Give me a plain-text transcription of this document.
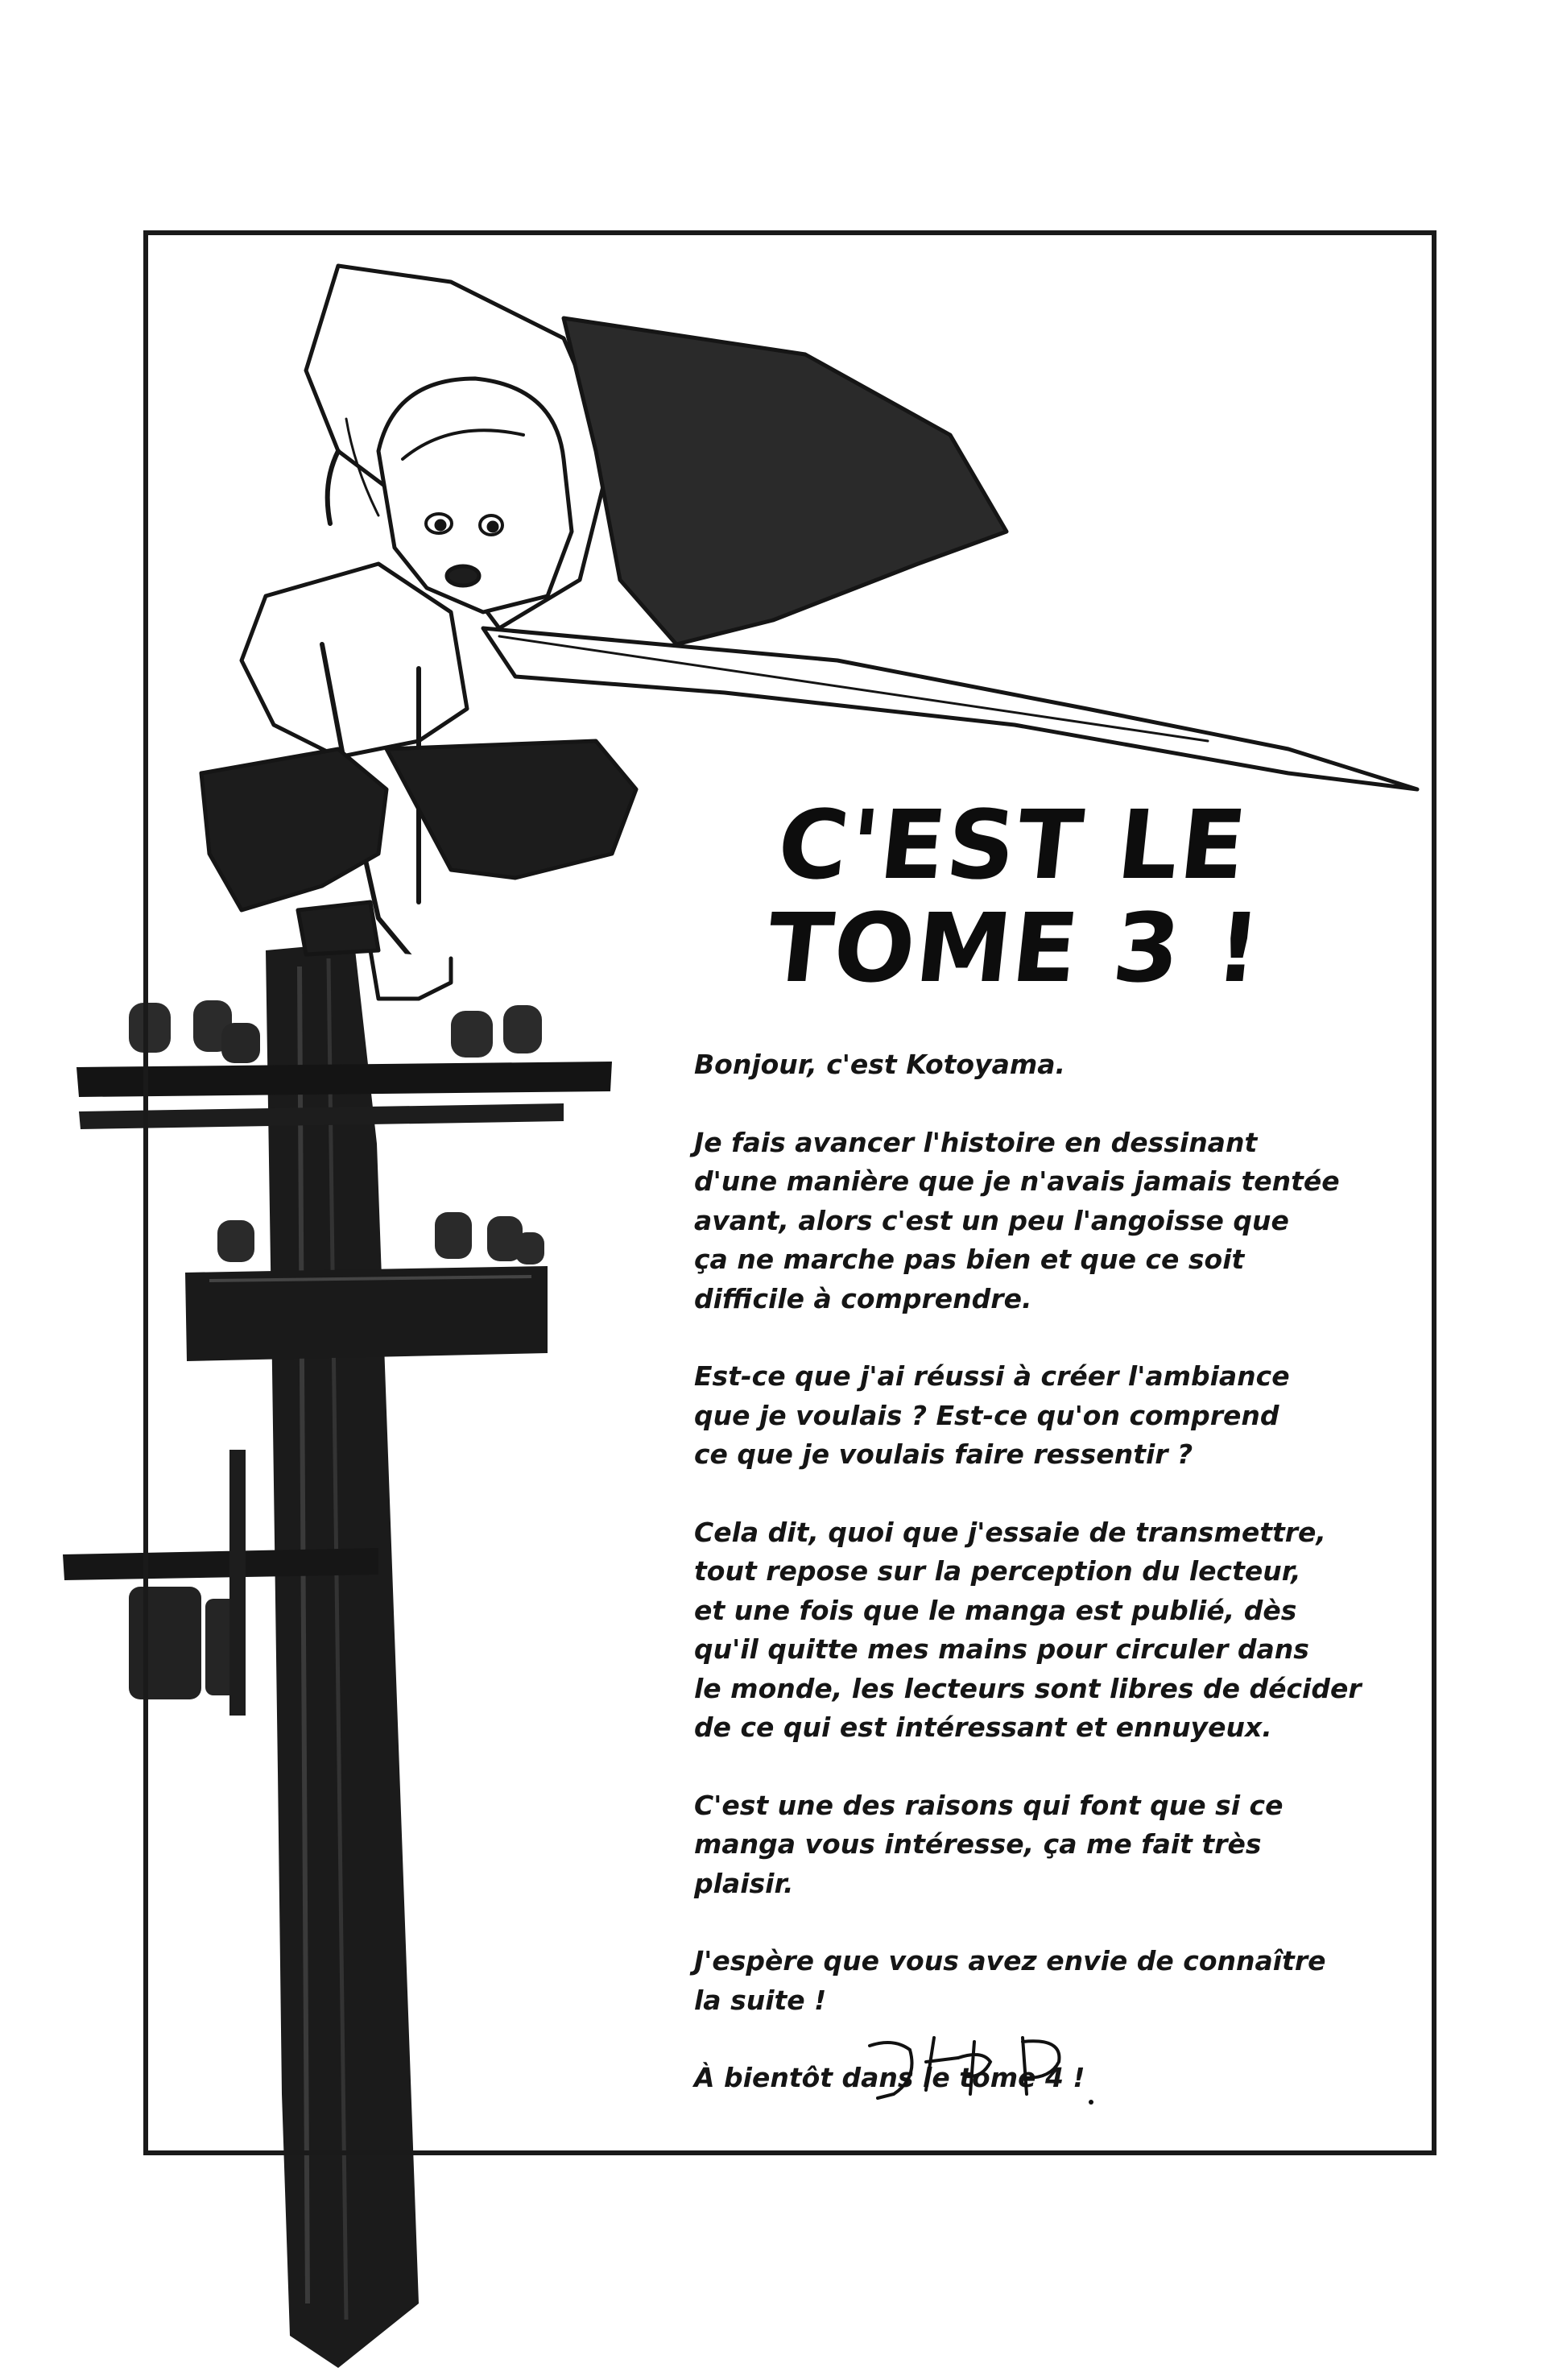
C'EST LE
TOME 3 !

Bonjour, c'est Kotoyama.

Je fais avancer l'histoire en dessinant
d'une manière que je n'avais jamais tentée
avant, alors c'est un peu l'angoisse que
ça ne marche pas bien et que ce soit
difficile à comprendre.

Est-ce que j'ai réussi à créer l'ambiance
que je voulais ? Est-ce qu'on comprend
ce que je voulais faire ressentir ?

Cela dit, quoi que j'essaie de transmettre,
tout repose sur la perception du lecteur,
et une fois que le manga est publié, dès
qu'il quitte mes mains pour circuler dans
le monde, les lecteurs sont libres de décider
de ce qui est intéressant et ennuyeux.

C'est une des raisons qui font que si ce
manga vous intéresse, ça me fait très
plaisir.

J'espère que vous avez envie de connaître
la suite !

À bientôt dans le tome 4 !
